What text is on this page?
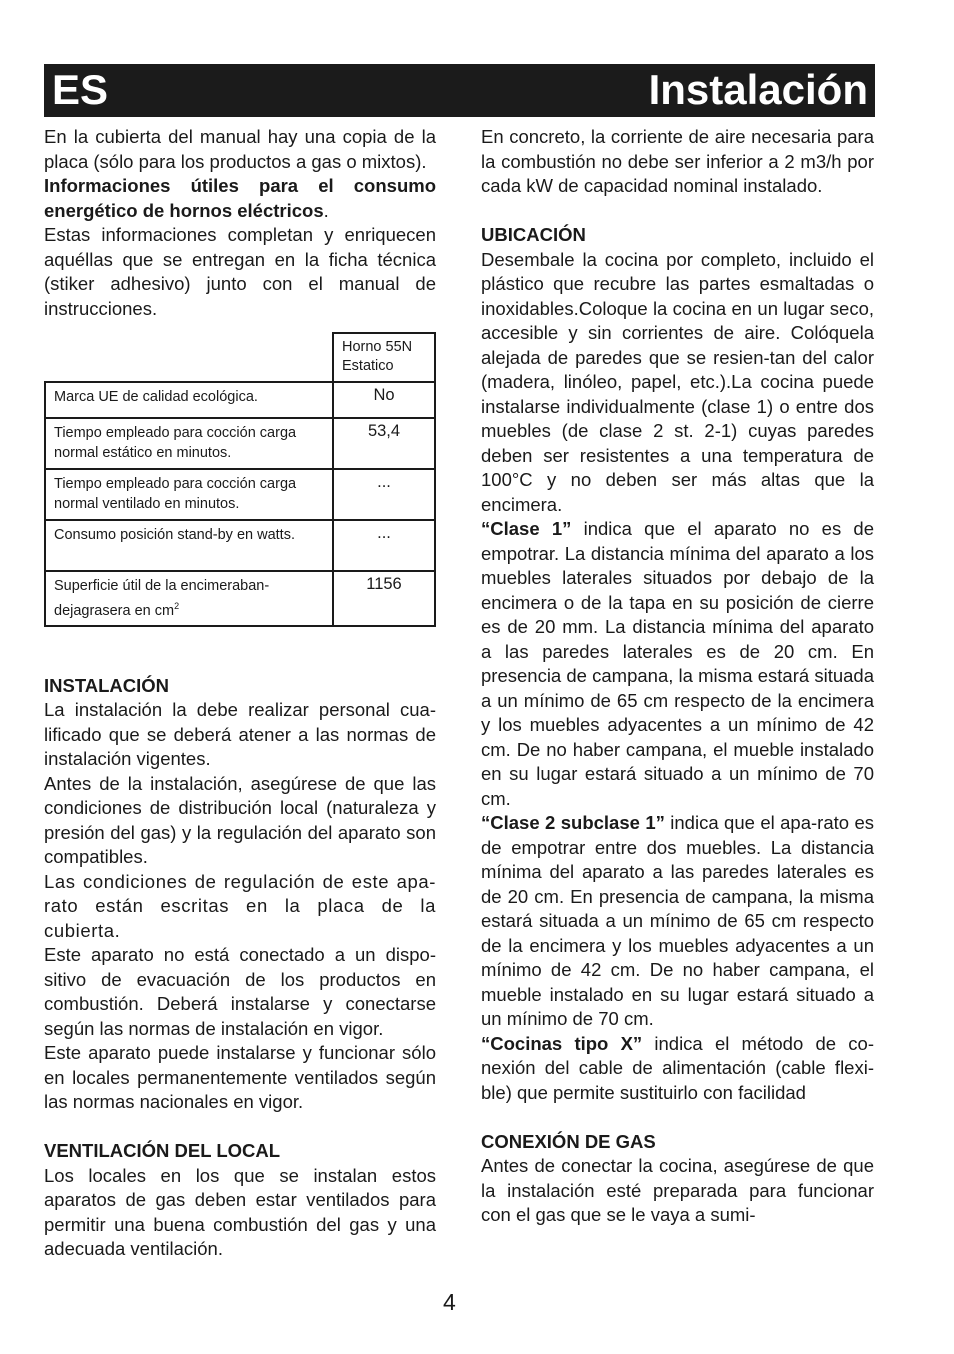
ES	Instalación

En la cubierta del manual hay una copia de la placa (sólo para los productos a gas o mixtos).

Informaciones útiles para el consumo energético de hornos eléctricos.

Estas informaciones completan y enriquecen aquéllas que se entregan en la ficha técnica (stiker adhesivo) junto con el manual de instrucciones.

	Horno 55N Estatico
Marca UE de calidad ecológica.	No
Tiempo empleado para cocción carga normal estático en minutos.	53,4
Tiempo empleado para cocción carga normal ventilado en minutos.	...
Consumo posición stand-by en watts.	...
Superficie útil de la encimeraban-dejagrasera en $cm^2$	1156

INSTALACIÓN

La instalación la debe realizar personal cua-lificado que se deberá atener a las normas de instalación vigentes.

Antes de la instalación, asegúrese de que las condiciones de distribución local (naturaleza y presión del gas) y la regulación del aparato son compatibles.

Las condiciones de regulación de este apa-rato están escritas en la placa de la cubierta.

Este aparato no está conectado a un dispo-sitivo de evacuación de los productos en combustión. Deberá instalarse y conectarse según las normas de instalación en vigor.

Este aparato puede instalarse y funcionar sólo en locales permanentemente ventilados según las normas nacionales en vigor.

VENTILACIÓN DEL LOCAL

Los locales en los que se instalan estos aparatos de gas deben estar ventilados para permitir una buena combustión del gas y una adecuada ventilación.

En concreto, la corriente de aire necesaria para la combustión no debe ser inferior a 2 m3/h por cada kW de capacidad nominal instalado.

UBICACIÓN

Desembale la cocina por completo, incluido el plástico que recubre las partes esmaltadas o inoxidables.Coloque la cocina en un lugar seco, accesible y sin corrientes de aire. Colóquela alejada de paredes que se resien-tan del calor (madera, linóleo, papel, etc.).La cocina puede instalarse individualmente (clase 1) o entre dos muebles (de clase 2 st. 2-1) cuyas paredes deben ser resistentes a una temperatura de 100°C y no deben ser más altas que la encimera.

“Clase 1” indica que el aparato no es de empotrar. La distancia mínima del aparato a los muebles laterales situados por debajo de la encimera o de la tapa en su posición de cierre es de 20 mm. La distancia mínima del aparato a las paredes laterales es de 20 cm. En presencia de campana, la misma estará situada a un mínimo de 65 cm respecto de la encimera y los muebles adyacentes a un mínimo de 42 cm. De no haber campana, el mueble instalado en su lugar estará situado a un mínimo de 70 cm.

“Clase 2 subclase 1” indica que el apa-rato es de empotrar entre dos muebles. La distancia mínima del aparato a las paredes laterales es de 20 cm. En presencia de campana, la misma estará situada a un mínimo de 65 cm respecto de la encimera y los muebles adyacentes a un mínimo de 42 cm. De no haber campana, el mueble instalado en su lugar estará situado a un mínimo de 70 cm.

“Cocinas tipo X” indica el método de co-nexión del cable de alimentación (cable flexi-ble) que permite sustituirlo con facilidad

CONEXIÓN DE GAS

Antes de conectar la cocina, asegúrese de que la instalación esté preparada para funcionar con el gas que se le vaya a sumi-

4
